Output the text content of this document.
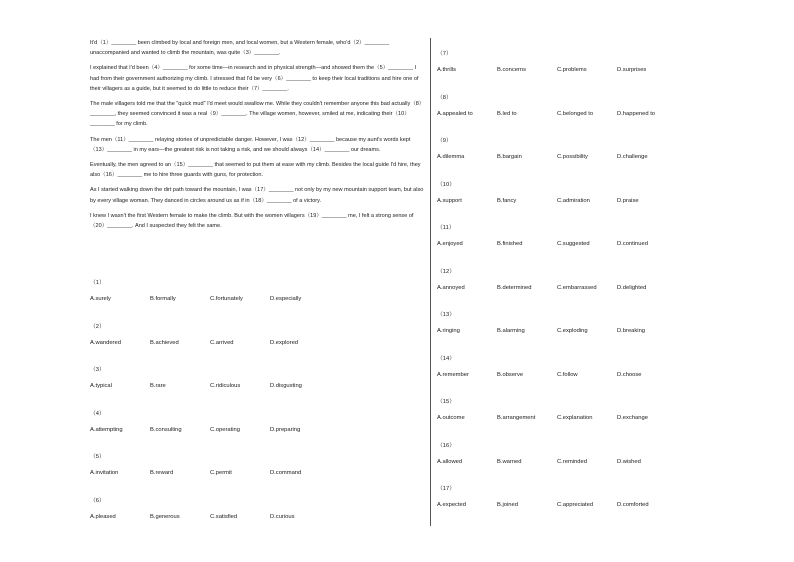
It'd（1）________ been climbed by local and foreign men, and local women, but a Western female, who'd（2）________ unaccompanied and wanted to climb the mountain, was quite（3）________.

I explained that I'd been（4）________ for some time—in research and in physical strength—and showed them the（5）________ I had from their government authorizing my climb. I stressed that I'd be very（6）________ to keep their local traditions and hire one of their villagers as a guide, but it seemed to do little to reduce their（7）________.

The male villagers told me that the "quick mud" I'd meet would swallow me. While they couldn't remember anyone this bad actually（8）________, they seemed convinced it was a real（9）________. The village women, however, smiled at me, indicating their（10）________ for my climb.

The men（11）________ relaying stories of unpredictable danger. However, I was（12）________ because my aunt's words kept（13）________ in my ears—the greatest risk is not taking a risk, and we should always（14）________ our dreams.

Eventually, the men agreed to an（15）________ that seemed to put them at ease with my climb. Besides the local guide I'd hire, they also（16）________ me to hire three guards with guns, for protection.

As I started walking down the dirt path toward the mountain, I was（17）________ not only by my new mountain support team, but also by every village woman. They danced in circles around us as if in（18）________ of a victory.

I knew I wasn't the first Western female to make the climb. But with the women villagers（19）________ me, I felt a strong sense of（20）________. And I suspected they felt the same.

（1）
A.surely	B.formally	C.fortunately	D.especially
（2）
A.wandered	B.achieved	C.arrived	D.explored
（3）
A.typical	B.rare	C.ridiculous	D.disgusting
（4）
A.attempting	B.consulting	C.operating	D.preparing
（5）
A.invitation	B.reward	C.permit	D.command
（6）
A.pleased	B.generous	C.satisfied	D.curious
（7）
A.thrills	B.concerns	C.problems	D.surprises
（8）
A.appealed to	B.led to	C.belonged to	D.happened to
（9）
A.dilemma	B.bargain	C.possibility	D.challenge
（10）
A.support	B.fancy	C.admiration	D.praise
（11）
A.enjoyed	B.finished	C.suggested	D.continued
（12）
A.annoyed	B.determined	C.embarrassed	D.delighted
（13）
A.ringing	B.alarming	C.exploding	D.breaking
（14）
A.remember	B.observe	C.follow	D.choose
（15）
A.outcome	B.arrangement	C.explanation	D.exchange
（16）
A.allowed	B.warned	C.reminded	D.wished
（17）
A.expected	B.joined	C.appreciated	D.comforted
